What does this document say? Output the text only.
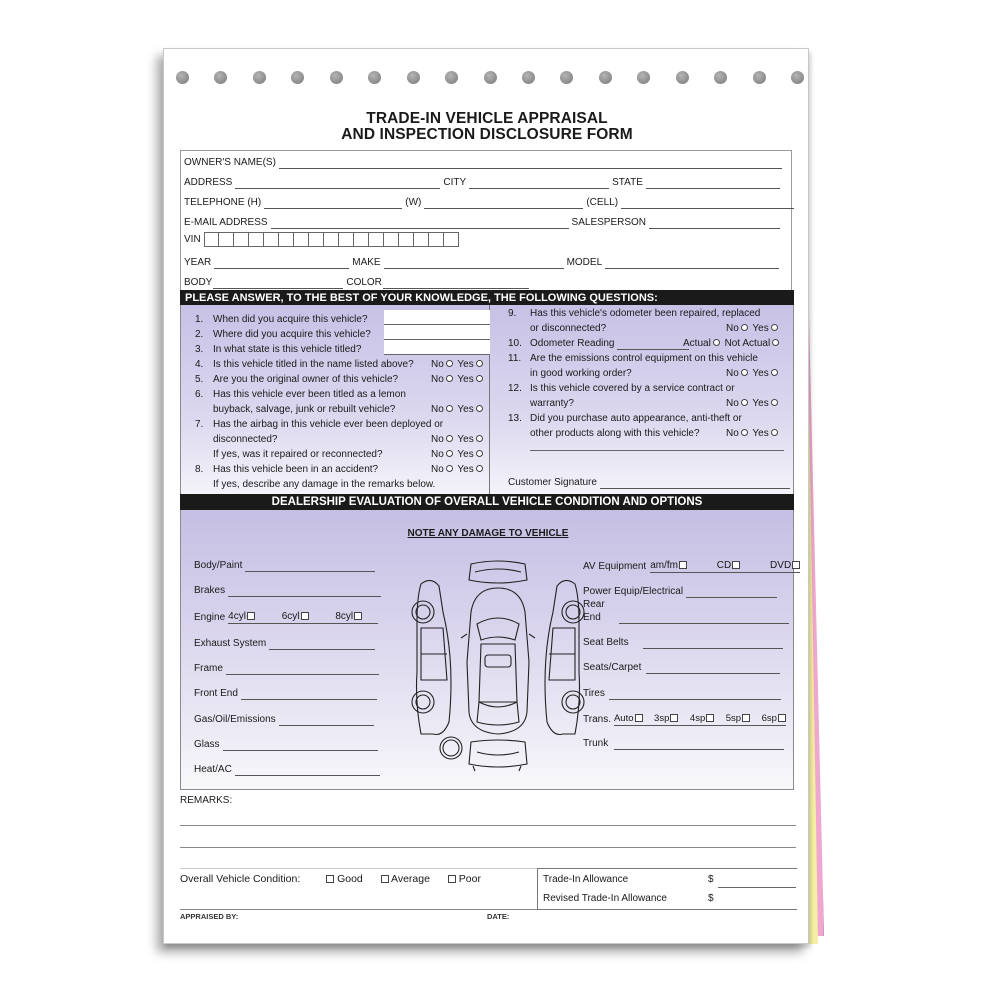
TRADE-IN VEHICLE APPRAISAL
AND INSPECTION DISCLOSURE FORM
OWNER'S NAME(S)
ADDRESS	CITY	STATE
TELEPHONE (H)	(W)	(CELL)
E-MAIL ADDRESS	SALESPERSON
VIN
YEAR	MAKE	MODEL
BODY	COLOR
PLEASE ANSWER, TO THE BEST OF YOUR KNOWLEDGE, THE FOLLOWING QUESTIONS:
1. When did you acquire this vehicle?
2. Where did you acquire this vehicle?
3. In what state is this vehicle titled?
4. Is this vehicle titled in the name listed above? No Yes
5. Are you the original owner of this vehicle?	No Yes
6. Has this vehicle ever been titled as a lemon
buyback, salvage, junk or rebuilt vehicle?	No Yes
7. Has the airbag in this vehicle ever been deployed or
disconnected?	No Yes
If yes, was it repaired or reconnected?	No Yes
8. Has this vehicle been in an accident?	No Yes
If yes, describe any damage in the remarks below.
9. Has this vehicle's odometer been repaired, replaced
or disconnected?	No Yes
10. Odometer Reading	Actual Not Actual
11. Are the emissions control equipment on this vehicle
in good working order?	No Yes
12. Is this vehicle covered by a service contract or
warranty?	No Yes
13. Did you purchase auto appearance, anti-theft or
other products along with this vehicle?	No Yes
Customer Signature
DEALERSHIP EVALUATION OF OVERALL VEHICLE CONDITION AND OPTIONS
NOTE ANY DAMAGE TO VEHICLE
Body/Paint
Brakes
Engine 4cyl	6cyl	8cyl
Exhaust System
Frame
Front End
Gas/Oil/Emissions
Glass
Heat/AC
AV Equipment am/fm	CD	DVD
Power Equip/Electrical
Rear
End
Seat Belts
Seats/Carpet
Tires
Trans. Auto	3sp	4sp	5sp	6sp
Trunk
REMARKS:
Overall Vehicle Condition:	Good	Average	Poor	Trade-In Allowance	$
Revised Trade-In Allowance	$
APPRAISED BY:	DATE:
